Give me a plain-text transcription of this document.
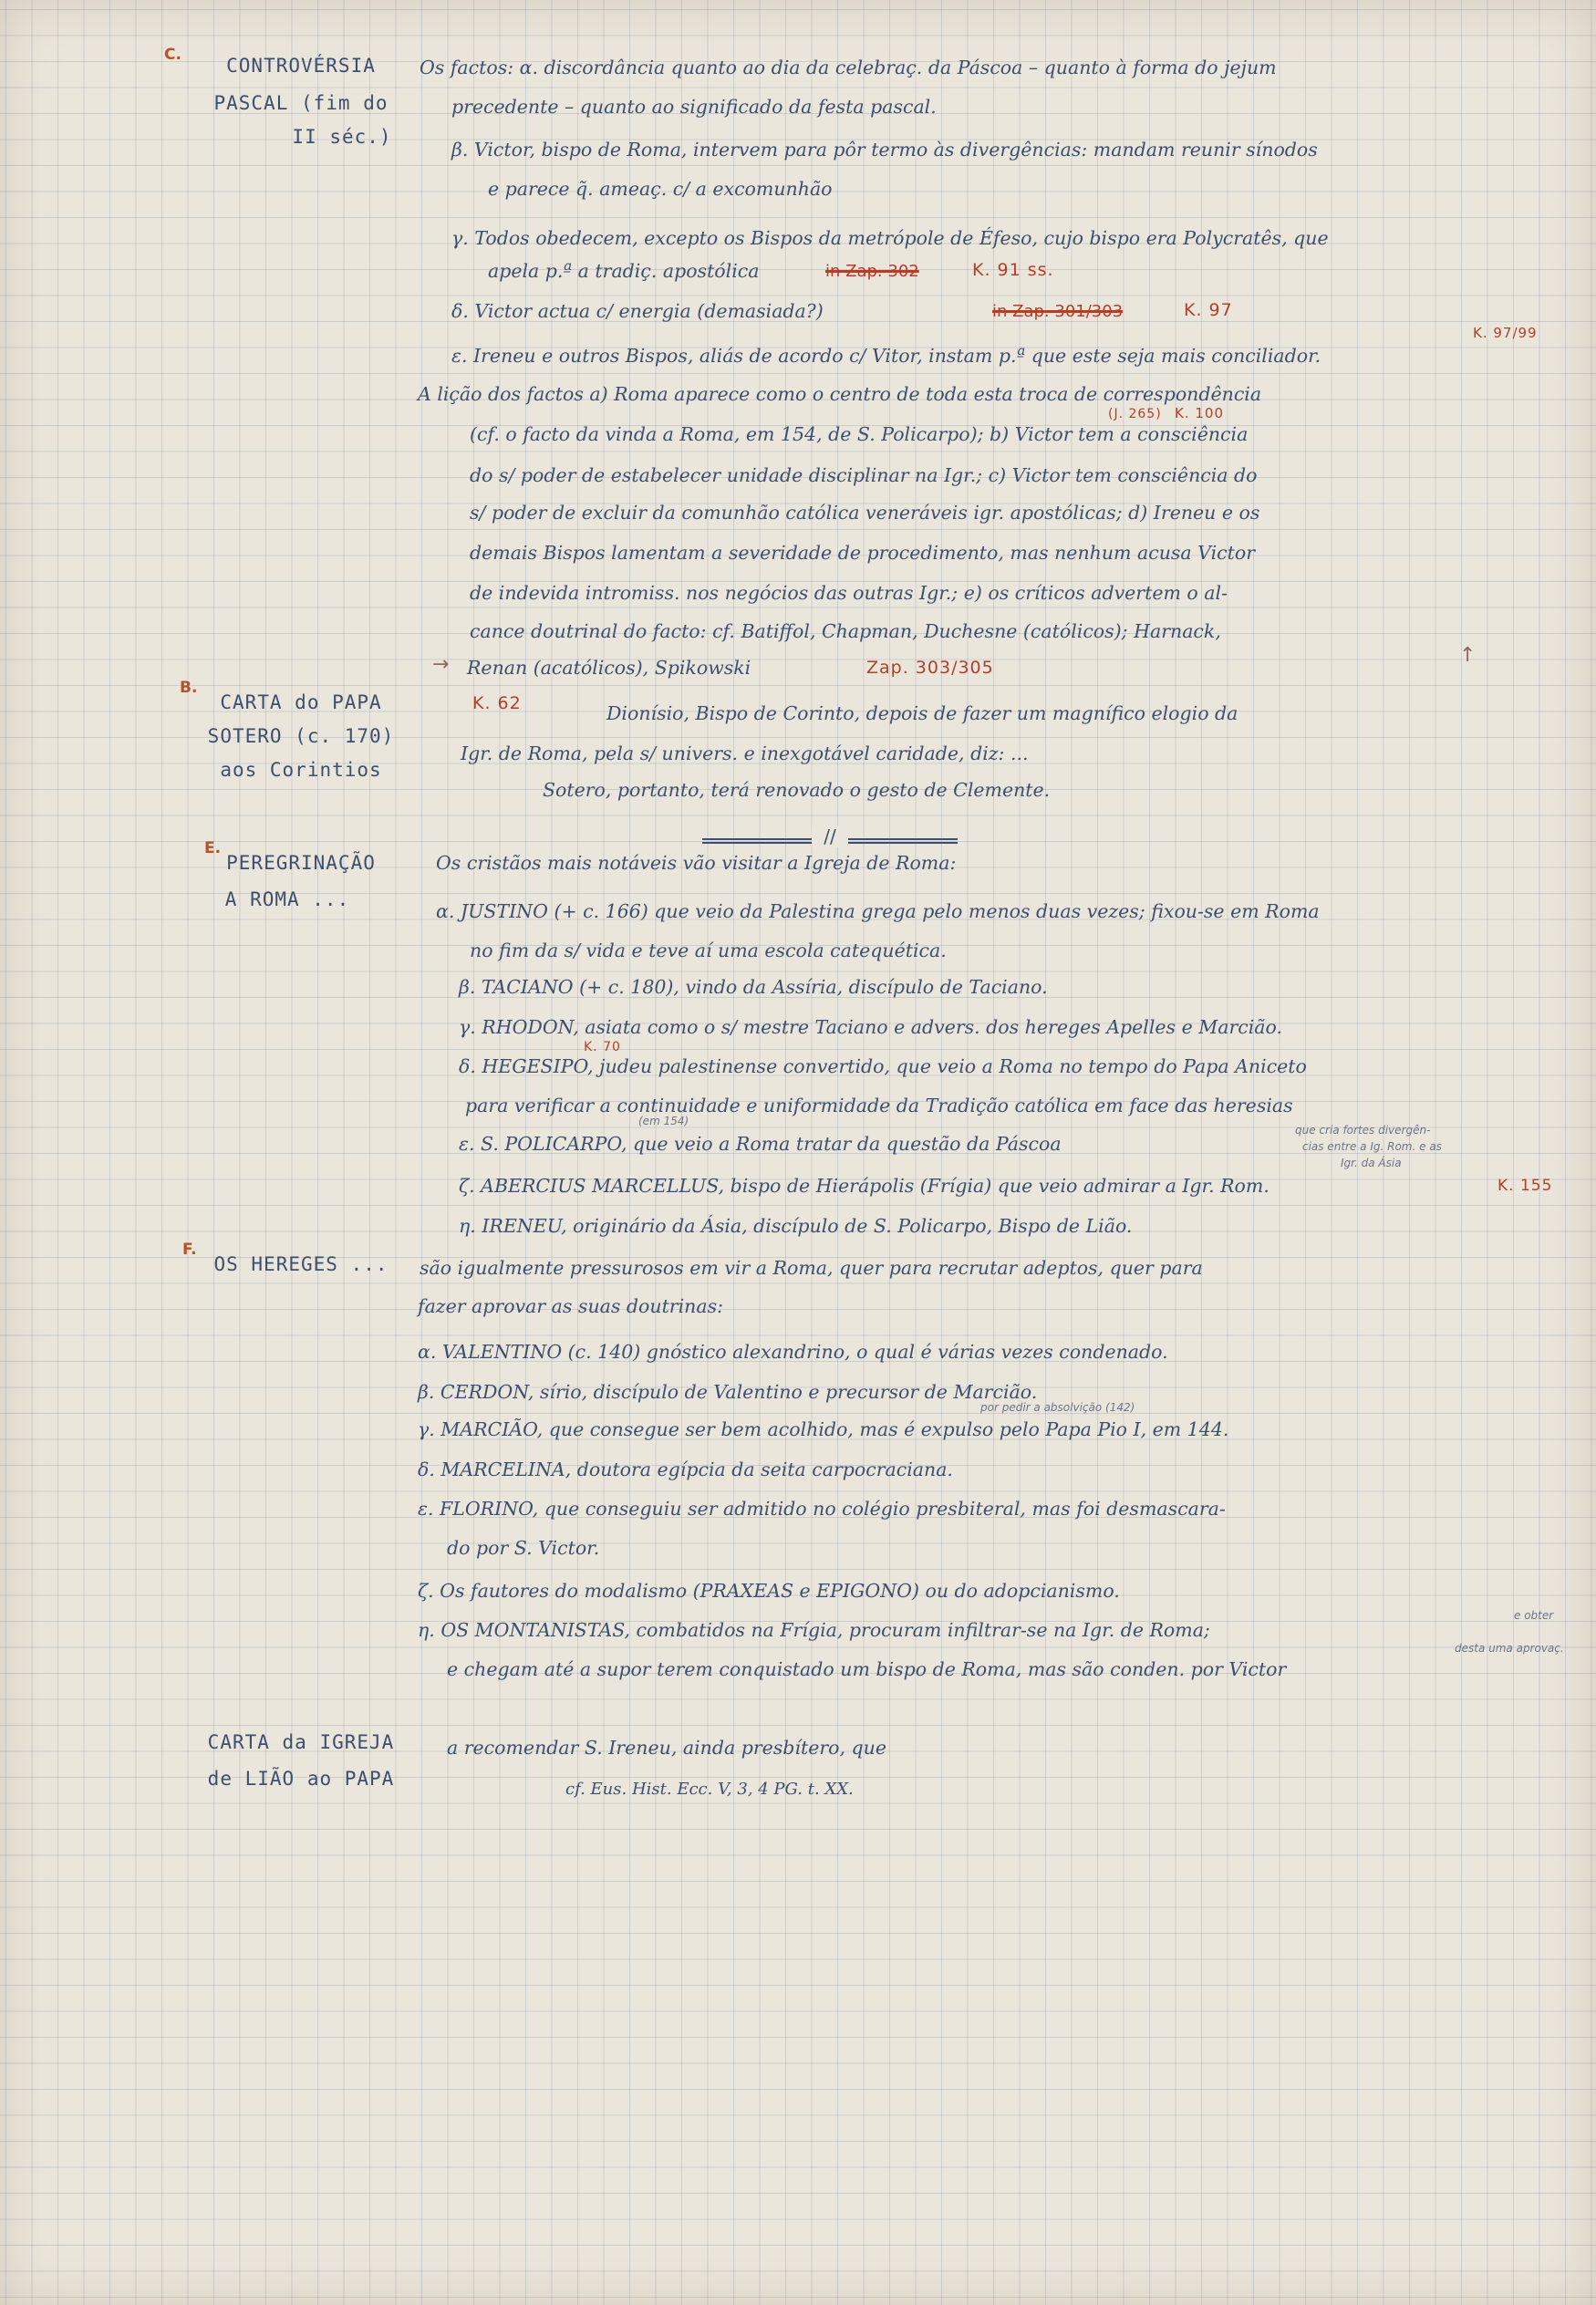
C.	CONTROVÉRSIA
PASCAL (fim do
II séc.)
Os factos: α. discordância quanto ao dia da celebraç. da Páscoa – quanto à forma do jejum
precedente – quanto ao significado da festa pascal.
β. Victor, bispo de Roma, intervem para pôr termo às divergências: mandam reunir sínodos
e parece q̃. ameaç. c/ a excomunhão
γ. Todos obedecem, excepto os Bispos da metrópole de Éfeso, cujo bispo era Polycratês, que
apela p.ª a tradiç. apostólica	in Zap. 302	K. 91 ss.
δ. Victor actua c/ energia (demasiada?)	in Zap. 301/303	K. 97
K. 97/99
ε. Ireneu e outros Bispos, aliás de acordo c/ Vitor, instam p.ª que este seja mais conciliador.
A lição dos factos a) Roma aparece como o centro de toda esta troca de correspondência
K. 100
(J. 265)
(cf. o facto da vinda a Roma, em 154, de S. Policarpo); b) Victor tem a consciência
do s/ poder de estabelecer unidade disciplinar na Igr.; c) Victor tem consciência do
s/ poder de excluir da comunhão católica veneráveis igr. apostólicas; d) Ireneu e os
demais Bispos lamentam a severidade de procedimento, mas nenhum acusa Victor
de indevida intromiss. nos negócios das outras Igr.; e) os críticos advertem o al-
cance doutrinal do facto: cf. Batiffol, Chapman, Duchesne (católicos); Harnack,
→	↑
Renan (acatólicos), Spikowski	Zap. 303/305
B.
CARTA do PAPA
SOTERO (c. 170)
aos Corintios
K. 62	Dionísio, Bispo de Corinto, depois de fazer um magnífico elogio da
Igr. de Roma, pela s/ univers. e inexgotável caridade, diz: ...
Sotero, portanto, terá renovado o gesto de Clemente.
//
E.
PEREGRINAÇÃO
A ROMA ...
Os cristãos mais notáveis vão visitar a Igreja de Roma:
α. JUSTINO (+ c. 166) que veio da Palestina grega pelo menos duas vezes; fixou-se em Roma
no fim da s/ vida e teve aí uma escola catequética.
β. TACIANO (+ c. 180), vindo da Assíria, discípulo de Taciano.
γ. RHODON, asiata como o s/ mestre Taciano e advers. dos hereges Apelles e Marcião.
K. 70
δ. HEGESIPO, judeu palestinense convertido, que veio a Roma no tempo do Papa Aniceto
para verificar a continuidade e uniformidade da Tradição católica em face das heresias
(em 154)
ε. S. POLICARPO, que veio a Roma tratar da questão da Páscoa
que cria fortes divergên-
cias entre a Ig. Rom. e as
Igr. da Ásia
ζ. ABERCIUS MARCELLUS, bispo de Hierápolis (Frígia) que veio admirar a Igr. Rom.	K. 155
η. IRENEU, originário da Ásia, discípulo de S. Policarpo, Bispo de Lião.
F.
OS HEREGES ...	são igualmente pressurosos em vir a Roma, quer para recrutar adeptos, quer para
fazer aprovar as suas doutrinas:
α. VALENTINO (c. 140) gnóstico alexandrino, o qual é várias vezes condenado.
β. CERDON, sírio, discípulo de Valentino e precursor de Marcião.
por pedir a absolvição (142)
γ. MARCIÃO, que consegue ser bem acolhido, mas é expulso pelo Papa Pio I, em 144.
δ. MARCELINA, doutora egípcia da seita carpocraciana.
ε. FLORINO, que conseguiu ser admitido no colégio presbiteral, mas foi desmascara-
do por S. Victor.
ζ. Os fautores do modalismo (PRAXEAS e EPIGONO) ou do adopcianismo.
η. OS MONTANISTAS, combatidos na Frígia, procuram infiltrar-se na Igr. de Roma;
e obter
desta uma aprovaç.
e chegam até a supor terem conquistado um bispo de Roma, mas são conden. por Victor
CARTA da IGREJA
de LIÃO ao PAPA
a recomendar S. Ireneu, ainda presbítero, que
cf. Eus. Hist. Ecc. V, 3, 4 PG. t. XX.
